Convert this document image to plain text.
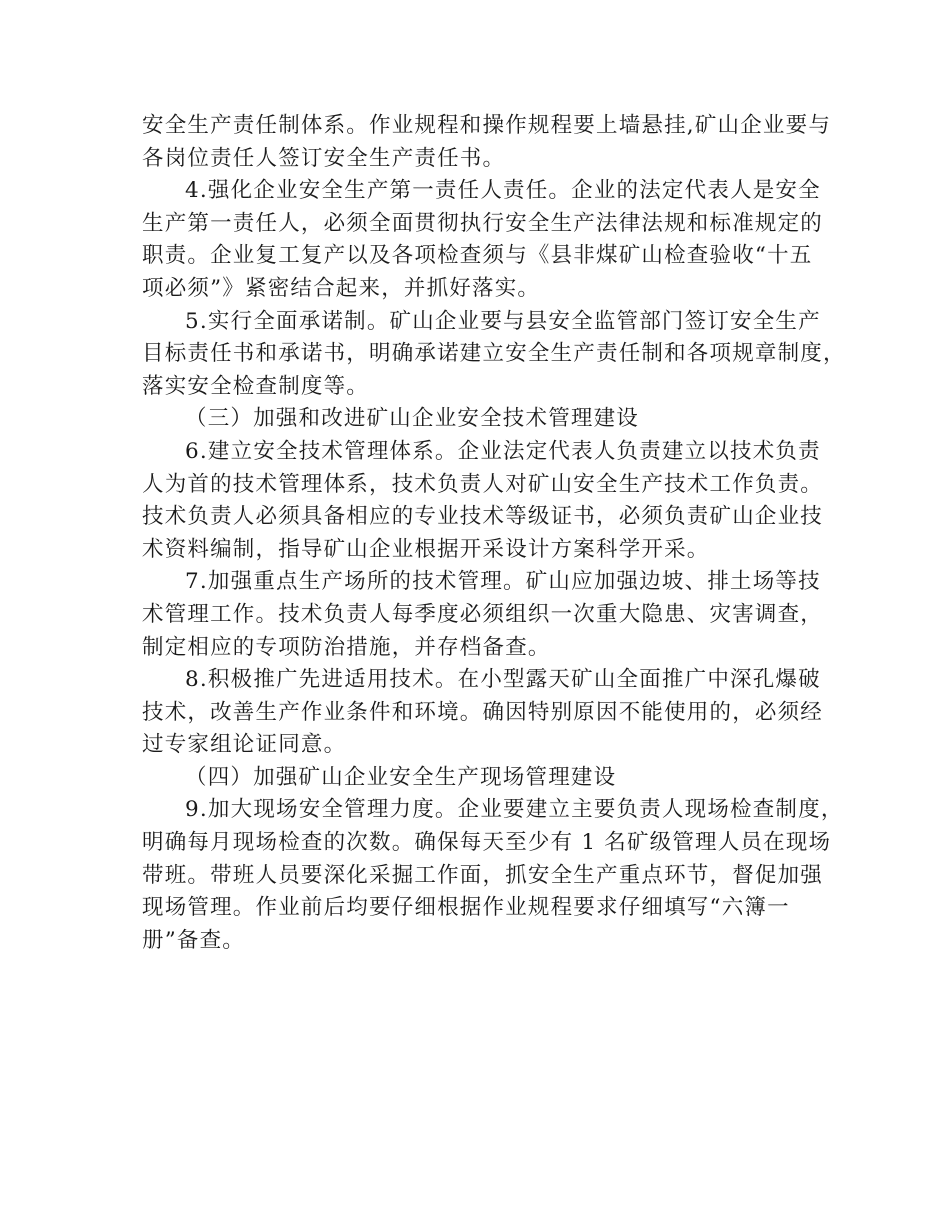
安全生产责任制体系。作业规程和操作规程要上墙悬挂,矿山企业要与
各岗位责任人签订安全生产责任书。
4.强化企业安全生产第一责任人责任。企业的法定代表人是安全
生产第一责任人，必须全面贯彻执行安全生产法律法规和标准规定的
职责。企业复工复产以及各项检查须与《县非煤矿山检查验收“十五
项必须”》紧密结合起来，并抓好落实。
5.实行全面承诺制。矿山企业要与县安全监管部门签订安全生产
目标责任书和承诺书，明确承诺建立安全生产责任制和各项规章制度，
落实安全检查制度等。
（三）加强和改进矿山企业安全技术管理建设
6.建立安全技术管理体系。企业法定代表人负责建立以技术负责
人为首的技术管理体系，技术负责人对矿山安全生产技术工作负责。
技术负责人必须具备相应的专业技术等级证书，必须负责矿山企业技
术资料编制，指导矿山企业根据开采设计方案科学开采。
7.加强重点生产场所的技术管理。矿山应加强边坡、排土场等技
术管理工作。技术负责人每季度必须组织一次重大隐患、灾害调查，
制定相应的专项防治措施，并存档备查。
8.积极推广先进适用技术。在小型露天矿山全面推广中深孔爆破
技术，改善生产作业条件和环境。确因特别原因不能使用的，必须经
过专家组论证同意。
（四）加强矿山企业安全生产现场管理建设
9.加大现场安全管理力度。企业要建立主要负责人现场检查制度，
明确每月现场检查的次数。确保每天至少有 1 名矿级管理人员在现场
带班。带班人员要深化采掘工作面，抓安全生产重点环节，督促加强
现场管理。作业前后均要仔细根据作业规程要求仔细填写“六簿一
册”备查。
